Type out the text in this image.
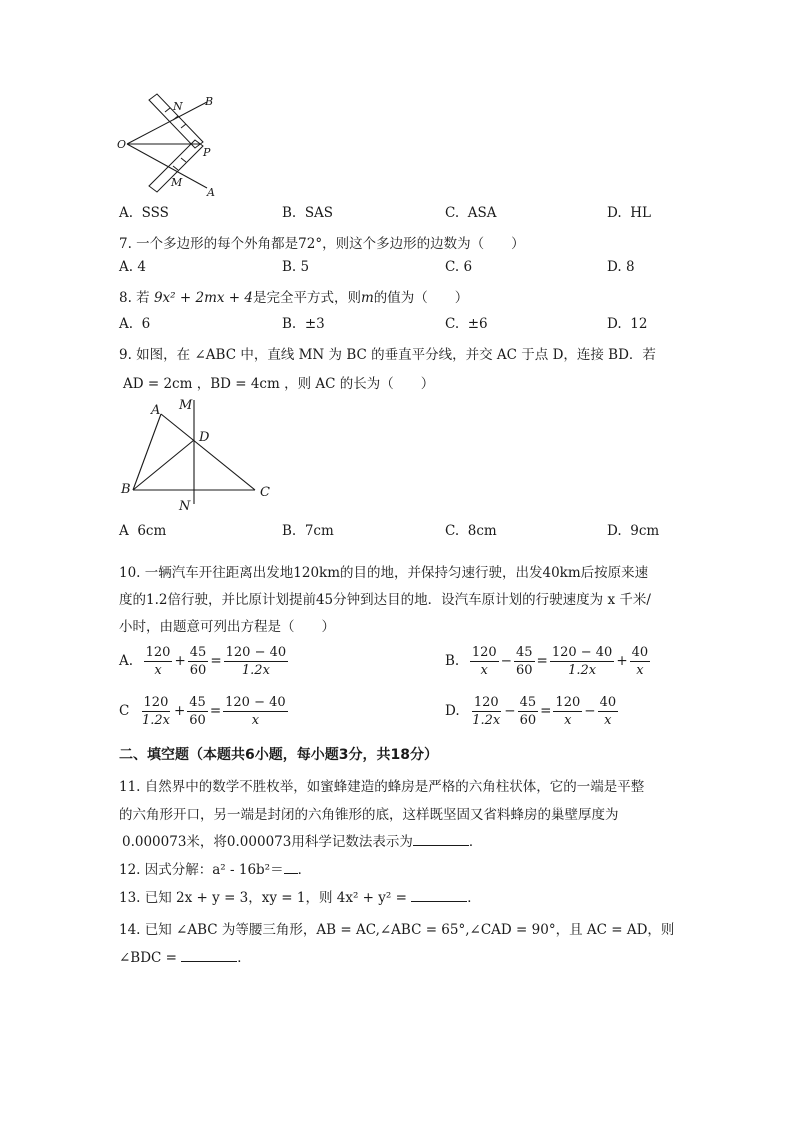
O
N B
P
M
A
A. SSS	B. SAS	C. ASA	D. HL
7. 一个多边形的每个外角都是72°，则这个多边形的边数为（　　）
A. 4	B. 5	C. 6	D. 8
8. 若 9x² + 2mx + 4是完全平方式，则m的值为（　　）
A. 6	B. ±3	C. ±6	D. 12
9. 如图，在 ∠ABC 中，直线 MN 为 BC 的垂直平分线，并交 AC 于点 D，连接 BD．若
AD = 2cm ，BD = 4cm ，则 AC 的长为（　　）
A M
D
B
N
C
A 6cm	B. 7cm	C. 8cm	D. 9cm
10. 一辆汽车开往距离出发地120km的目的地，并保持匀速行驶，出发40km后按原来速
度的1.2倍行驶，并比原计划提前45分钟到达目的地．设汽车原计划的行驶速度为 x 千米/
小时，由题意可列出方程是（　　）
A. $\frac{120}{x} + \frac{45}{60} = \frac{120 - 40}{1.2x}$	B. $\frac{120}{x} - \frac{45}{60} = \frac{120 - 40}{1.2x} + \frac{40}{x}$
C $\frac{120}{1.2x} + \frac{45}{60} = \frac{120 - 40}{x}$	D. $\frac{120}{1.2x} - \frac{45}{60} = \frac{120}{x} - \frac{40}{x}$
二、填空题（本题共6小题，每小题3分，共18分）
11. 自然界中的数学不胜枚举，如蜜蜂建造的蜂房是严格的六角柱状体，它的一端是平整
的六角形开口，另一端是封闭的六角锥形的底，这样既坚固又省料蜂房的巢壁厚度为
0.000073米，将0.000073用科学记数法表示为	．
12. 因式分解：a² - 16b²＝ ．
13. 已知 2x + y = 3，xy = 1，则 4x² + y² =	．
14. 已知 ∠ABC 为等腰三角形，AB = AC,∠ABC = 65°,∠CAD = 90°，且 AC = AD，则
∠BDC =	．
